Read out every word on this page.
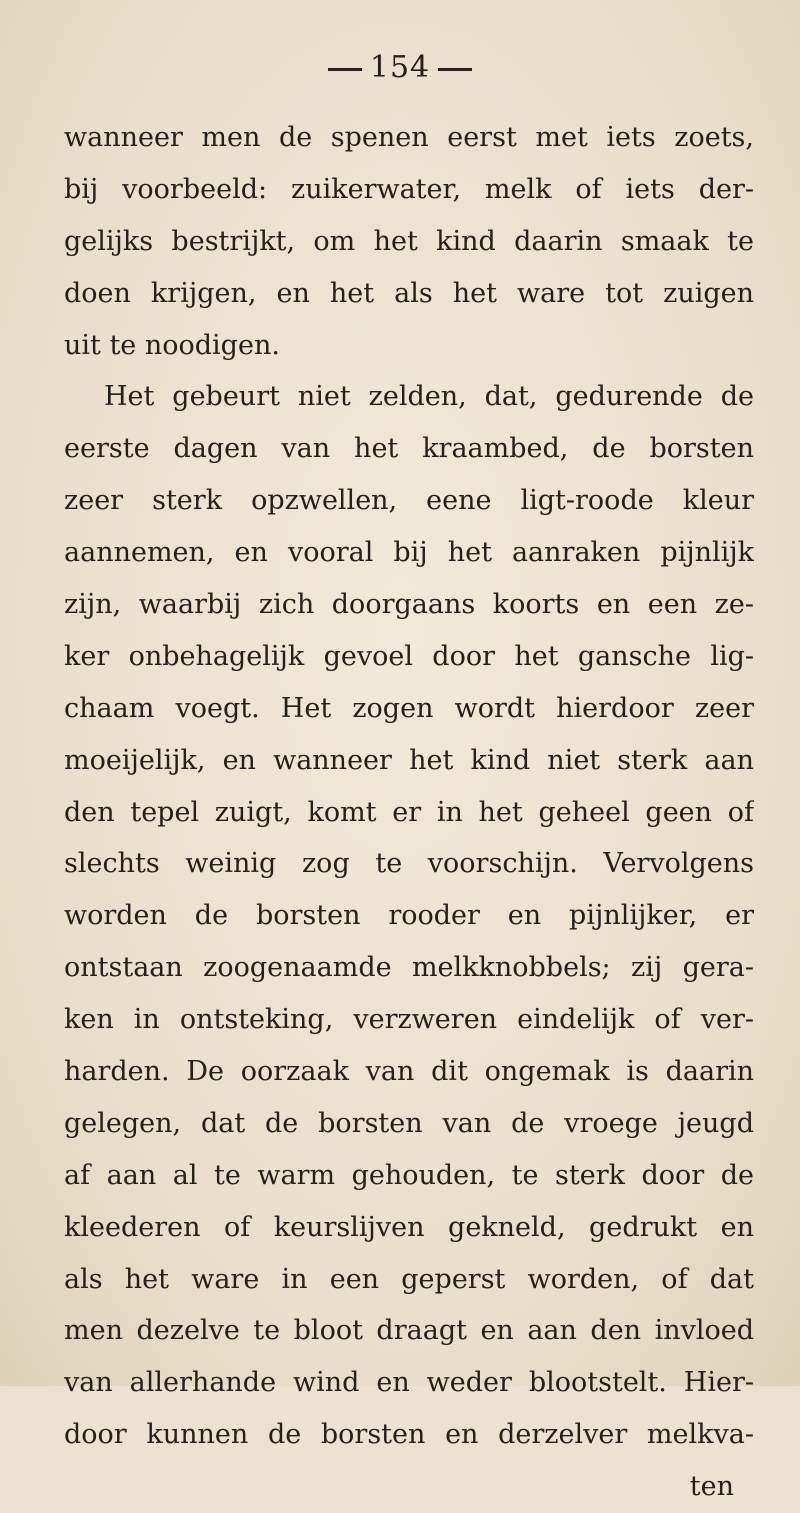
154
wanneer men de spenen eerst met iets zoets,
bij voorbeeld: zuikerwater, melk of iets der-
gelijks bestrijkt, om het kind daarin smaak te
doen krijgen, en het als het ware tot zuigen
uit te noodigen.
Het gebeurt niet zelden, dat, gedurende de
eerste dagen van het kraambed, de borsten
zeer sterk opzwellen, eene ligt-roode kleur
aannemen, en vooral bij het aanraken pijnlijk
zijn, waarbij zich doorgaans koorts en een ze-
ker onbehagelijk gevoel door het gansche lig-
chaam voegt. Het zogen wordt hierdoor zeer
moeijelijk, en wanneer het kind niet sterk aan
den tepel zuigt, komt er in het geheel geen of
slechts weinig zog te voorschijn. Vervolgens
worden de borsten rooder en pijnlijker, er
ontstaan zoogenaamde melkknobbels; zij gera-
ken in ontsteking, verzweren eindelijk of ver-
harden. De oorzaak van dit ongemak is daarin
gelegen, dat de borsten van de vroege jeugd
af aan al te warm gehouden, te sterk door de
kleederen of keurslijven gekneld, gedrukt en
als het ware in een geperst worden, of dat
men dezelve te bloot draagt en aan den invloed
van allerhande wind en weder blootstelt. Hier-
door kunnen de borsten en derzelver melkva-
ten
